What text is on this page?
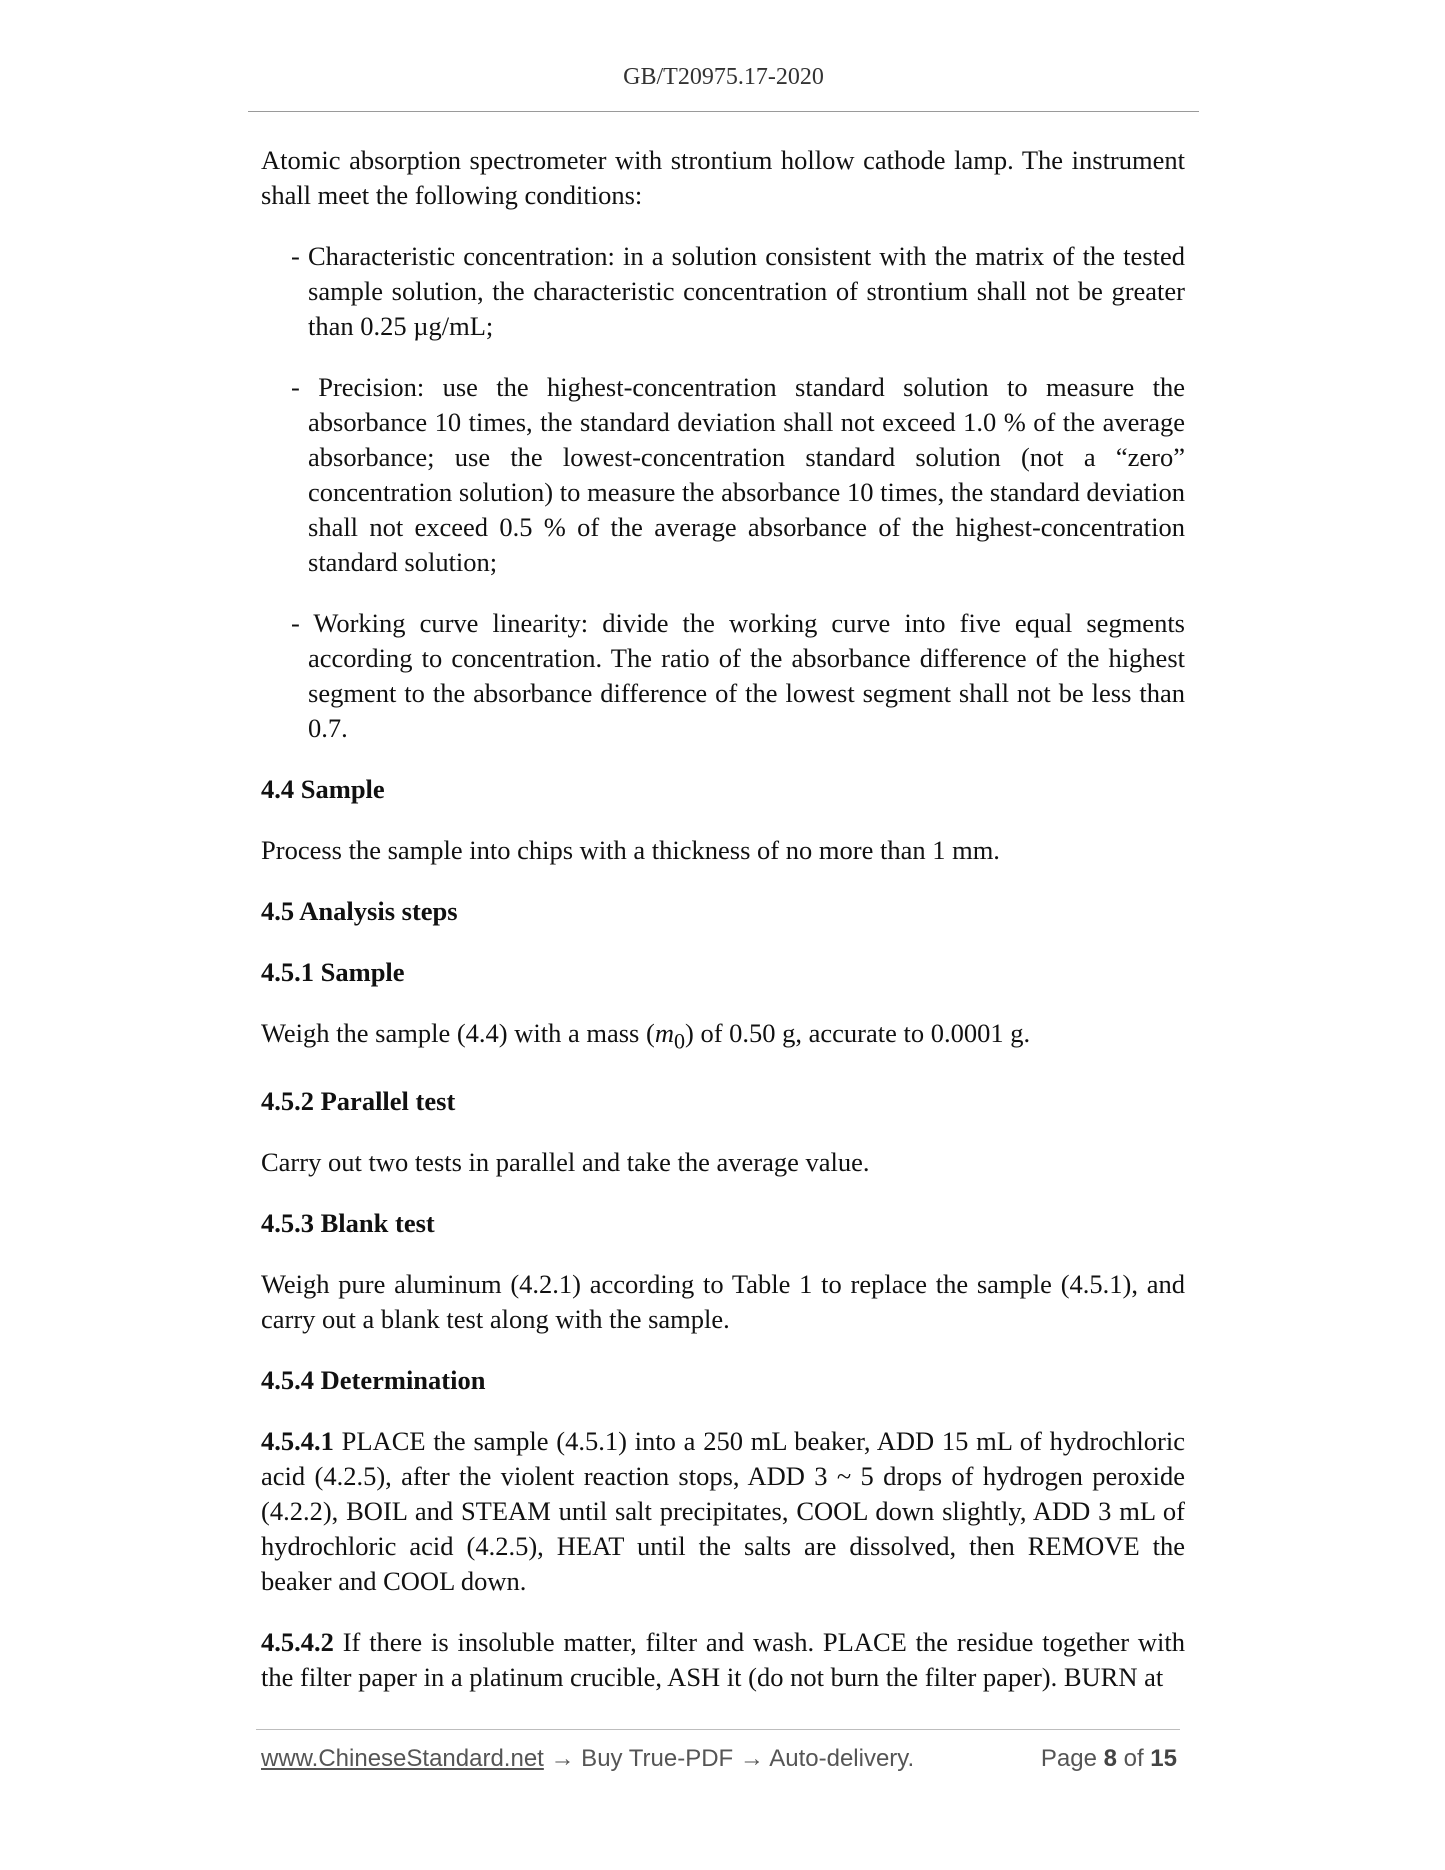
GB/T20975.17-2020

Atomic absorption spectrometer with strontium hollow cathode lamp. The instrument shall meet the following conditions:

- Characteristic concentration: in a solution consistent with the matrix of the tested sample solution, the characteristic concentration of strontium shall not be greater than 0.25 µg/mL;

- Precision: use the highest-concentration standard solution to measure the absorbance 10 times, the standard deviation shall not exceed 1.0 % of the average absorbance; use the lowest-concentration standard solution (not a “zero” concentration solution) to measure the absorbance 10 times, the standard deviation shall not exceed 0.5 % of the average absorbance of the highest-concentration standard solution;

- Working curve linearity: divide the working curve into five equal segments according to concentration. The ratio of the absorbance difference of the highest segment to the absorbance difference of the lowest segment shall not be less than 0.7.

4.4 Sample

Process the sample into chips with a thickness of no more than 1 mm.

4.5 Analysis steps

4.5.1 Sample

Weigh the sample (4.4) with a mass $(m_0)$ of 0.50 g, accurate to 0.0001 g.

4.5.2 Parallel test

Carry out two tests in parallel and take the average value.

4.5.3 Blank test

Weigh pure aluminum (4.2.1) according to Table 1 to replace the sample (4.5.1), and carry out a blank test along with the sample.

4.5.4 Determination

4.5.4.1 PLACE the sample (4.5.1) into a 250 mL beaker, ADD 15 mL of hydrochloric acid (4.2.5), after the violent reaction stops, ADD 3 ~ 5 drops of hydrogen peroxide (4.2.2), BOIL and STEAM until salt precipitates, COOL down slightly, ADD 3 mL of hydrochloric acid (4.2.5), HEAT until the salts are dissolved, then REMOVE the beaker and COOL down.

4.5.4.2 If there is insoluble matter, filter and wash. PLACE the residue together with the filter paper in a platinum crucible, ASH it (do not burn the filter paper). BURN at

www.ChineseStandard.net → Buy True-PDF → Auto-delivery.	Page 8 of 15
